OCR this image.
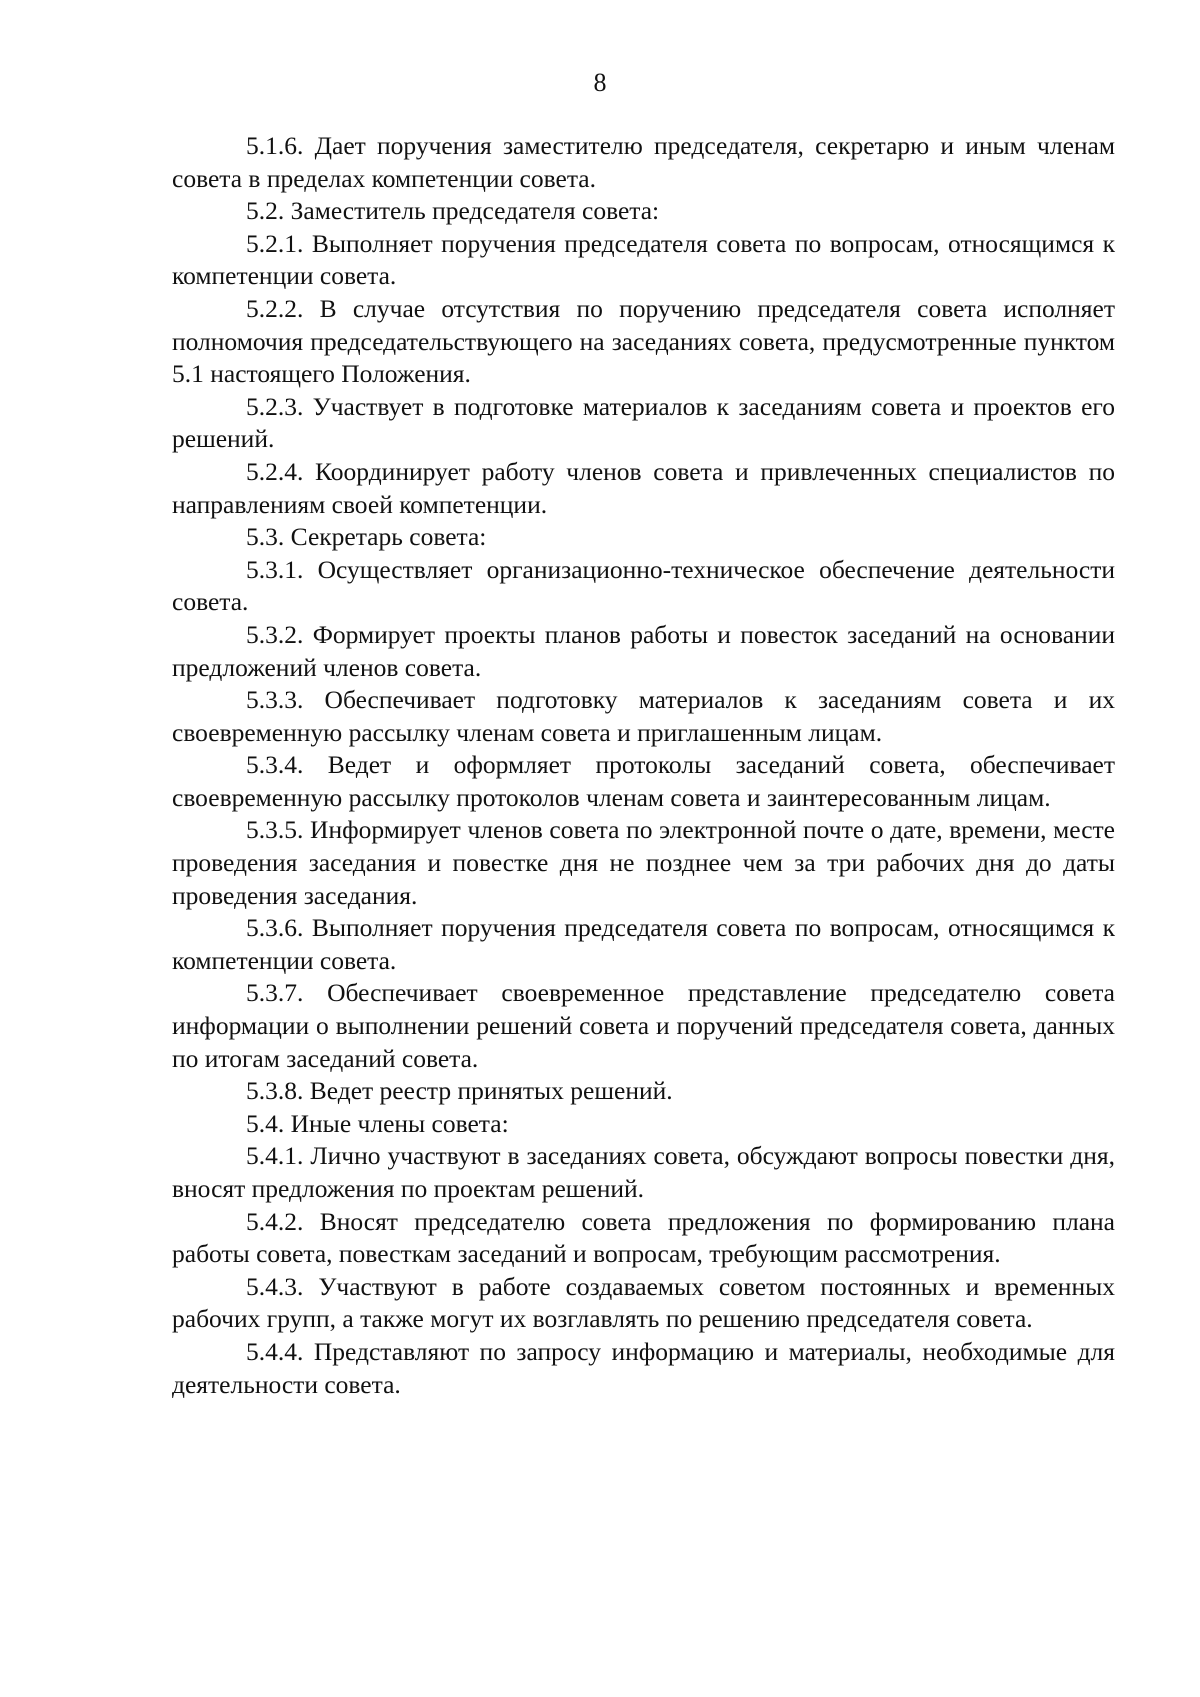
8

5.1.6. Дает поручения заместителю председателя, секретарю и иным членам совета в пределах компетенции совета.

5.2. Заместитель председателя совета:

5.2.1. Выполняет поручения председателя совета по вопросам, относящимся к компетенции совета.

5.2.2. В случае отсутствия по поручению председателя совета исполняет полномочия председательствующего на заседаниях совета, предусмотренные пунктом 5.1 настоящего Положения.

5.2.3. Участвует в подготовке материалов к заседаниям совета и проектов его решений.

5.2.4. Координирует работу членов совета и привлеченных специалистов по направлениям своей компетенции.

5.3. Секретарь совета:

5.3.1. Осуществляет организационно-техническое обеспечение деятельности совета.

5.3.2. Формирует проекты планов работы и повесток заседаний на основании предложений членов совета.

5.3.3. Обеспечивает подготовку материалов к заседаниям совета и их своевременную рассылку членам совета и приглашенным лицам.

5.3.4. Ведет и оформляет протоколы заседаний совета, обеспечивает своевременную рассылку протоколов членам совета и заинтересованным лицам.

5.3.5. Информирует членов совета по электронной почте о дате, времени, месте проведения заседания и повестке дня не позднее чем за три рабочих дня до даты проведения заседания.

5.3.6. Выполняет поручения председателя совета по вопросам, относящимся к компетенции совета.

5.3.7. Обеспечивает своевременное представление председателю совета информации о выполнении решений совета и поручений председателя совета, данных по итогам заседаний совета.

5.3.8. Ведет реестр принятых решений.

5.4. Иные члены совета:

5.4.1. Лично участвуют в заседаниях совета, обсуждают вопросы повестки дня, вносят предложения по проектам решений.

5.4.2. Вносят председателю совета предложения по формированию плана работы совета, повесткам заседаний и вопросам, требующим рассмотрения.

5.4.3. Участвуют в работе создаваемых советом постоянных и временных рабочих групп, а также могут их возглавлять по решению председателя совета.

5.4.4. Представляют по запросу информацию и материалы, необходимые для деятельности совета.
